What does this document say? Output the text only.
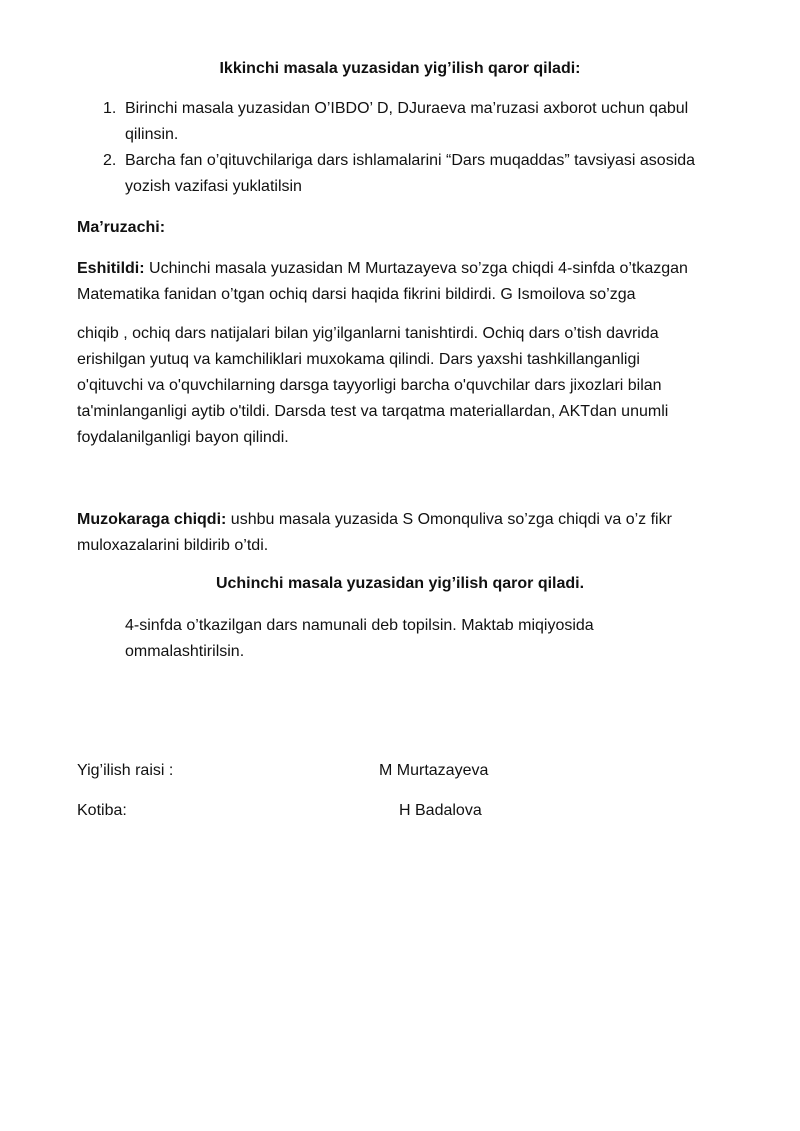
Ikkinchi masala yuzasidan yig’ilish qaror qiladi:
1. Birinchi masala yuzasidan O’IBDO’ D, DJuraeva ma’ruzasi axborot uchun qabul
qilinsin.
2. Barcha fan o’qituvchilariga dars ishlamalarini “Dars muqaddas” tavsiyasi asosida
yozish vazifasi yuklatilsin
Ma’ruzachi:
Eshitildi: Uchinchi masala yuzasidan M Murtazayeva so’zga chiqdi 4-sinfda o’tkazgan
Matematika fanidan o’tgan ochiq darsi haqida fikrini bildirdi. G Ismoilova so’zga
chiqib , ochiq dars natijalari bilan yig’ilganlarni tanishtirdi. Ochiq dars o’tish davrida
erishilgan yutuq va kamchiliklari muxokama qilindi. Dars yaxshi tashkillanganligi
o'qituvchi va o'quvchilarning darsga tayyorligi barcha o'quvchilar dars jixozlari bilan
ta'minlanganligi aytib o'tildi. Darsda test va tarqatma materiallardan, AKTdan unumli
foydalanilganligi bayon qilindi.
Muzokaraga chiqdi: ushbu masala yuzasida S Omonquliva so’zga chiqdi va o’z fikr
muloxazalarini bildirib o’tdi.
Uchinchi masala yuzasidan yig’ilish qaror qiladi.
4-sinfda o’tkazilgan dars namunali deb topilsin. Maktab miqiyosida
ommalashtirilsin.
Yig’ilish raisi :	M Murtazayeva
Kotiba:	H Badalova
